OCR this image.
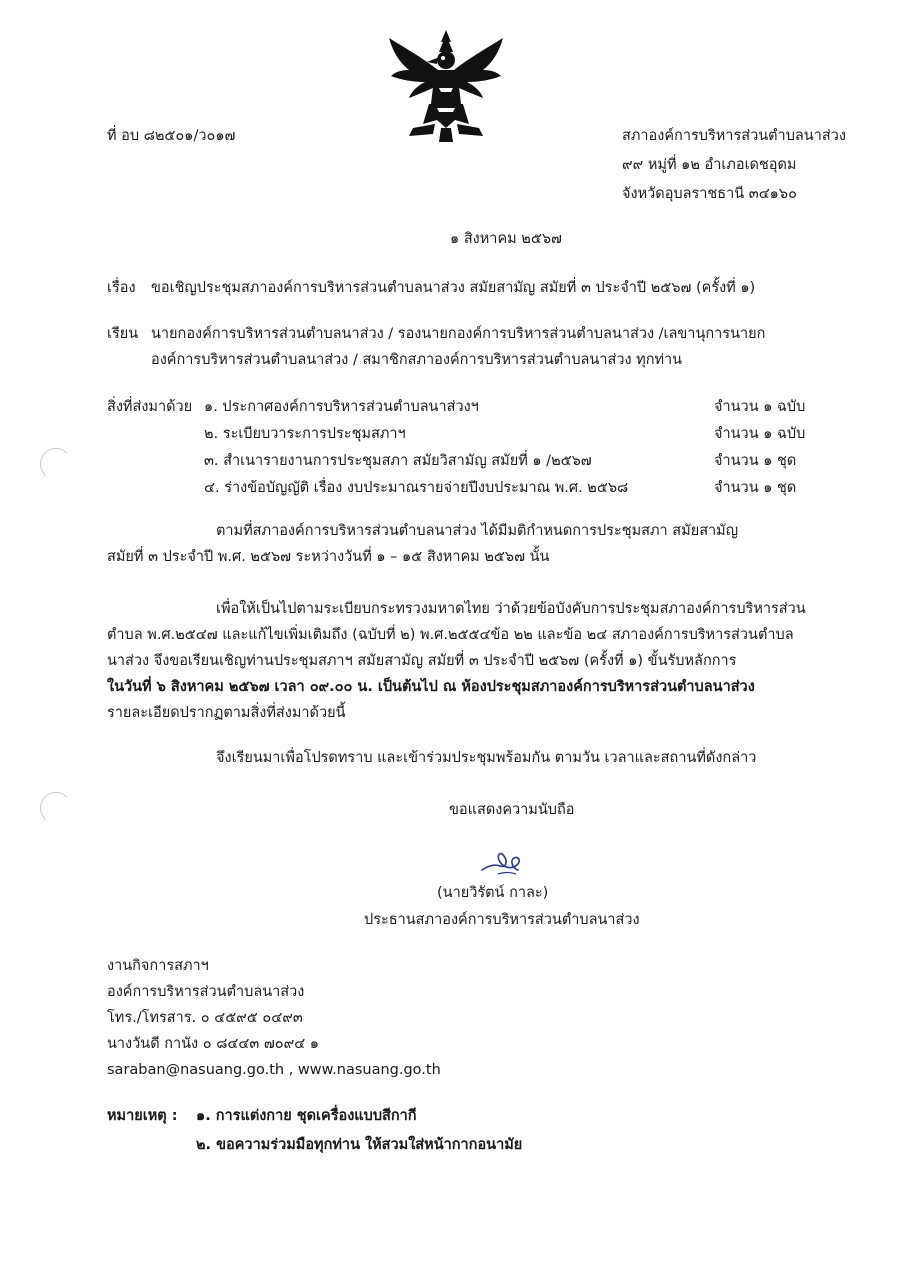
ที่ อบ ๘๒๕๐๑/ว๐๑๗	สภาองค์การบริหารส่วนตำบลนาส่วง
๙๙ หมู่ที่ ๑๒ อำเภอเดชอุดม
จังหวัดอุบลราชธานี ๓๔๑๖๐
๑ สิงหาคม ๒๕๖๗
เรื่อง ขอเชิญประชุมสภาองค์การบริหารส่วนตำบลนาส่วง สมัยสามัญ สมัยที่ ๓ ประจำปี ๒๕๖๗ (ครั้งที่ ๑)
เรียน นายกองค์การบริหารส่วนตำบลนาส่วง / รองนายกองค์การบริหารส่วนตำบลนาส่วง /เลขานุการนายก
องค์การบริหารส่วนตำบลนาส่วง / สมาชิกสภาองค์การบริหารส่วนตำบลนาส่วง ทุกท่าน
สิ่งที่ส่งมาด้วย ๑. ประกาศองค์การบริหารส่วนตำบลนาส่วงฯ	จำนวน ๑ ฉบับ
๒. ระเบียบวาระการประชุมสภาฯ	จำนวน ๑ ฉบับ
๓. สำเนารายงานการประชุมสภา สมัยวิสามัญ สมัยที่ ๑ /๒๕๖๗	จำนวน ๑ ชุด
๔. ร่างข้อบัญญัติ เรื่อง งบประมาณรายจ่ายปีงบประมาณ พ.ศ. ๒๕๖๘	จำนวน ๑ ชุด
ตามที่สภาองค์การบริหารส่วนตำบลนาส่วง ได้มีมติกำหนดการประชุมสภา สมัยสามัญ
สมัยที่ ๓ ประจำปี พ.ศ. ๒๕๖๗ ระหว่างวันที่ ๑ – ๑๕ สิงหาคม ๒๕๖๗ นั้น
เพื่อให้เป็นไปตามระเบียบกระทรวงมหาดไทย ว่าด้วยข้อบังคับการประชุมสภาองค์การบริหารส่วน
ตำบล พ.ศ.๒๕๔๗ และแก้ไขเพิ่มเติมถึง (ฉบับที่ ๒) พ.ศ.๒๕๕๔ข้อ ๒๒ และข้อ ๒๔ สภาองค์การบริหารส่วนตำบล
นาส่วง จึงขอเรียนเชิญท่านประชุมสภาฯ สมัยสามัญ สมัยที่ ๓ ประจำปี ๒๕๖๗ (ครั้งที่ ๑) ขั้นรับหลักการ
ในวันที่ ๖ สิงหาคม ๒๕๖๗ เวลา ๐๙.๐๐ น. เป็นต้นไป ณ ห้องประชุมสภาองค์การบริหารส่วนตำบลนาส่วง
รายละเอียดปรากฏตามสิ่งที่ส่งมาด้วยนี้
จึงเรียนมาเพื่อโปรดทราบ และเข้าร่วมประชุมพร้อมกัน ตามวัน เวลาและสถานที่ดังกล่าว
ขอแสดงความนับถือ
(นายวิรัตน์ กาละ)
ประธานสภาองค์การบริหารส่วนตำบลนาส่วง
งานกิจการสภาฯ
องค์การบริหารส่วนตำบลนาส่วง
โทร./โทรสาร. ๐ ๔๕๙๕ ๐๔๙๓
นางวันดี กานัง ๐ ๘๔๔๓ ๗๐๙๔ ๑
saraban@nasuang.go.th , www.nasuang.go.th
หมายเหตุ : ๑. การแต่งกาย ชุดเครื่องแบบสีกากี
๒. ขอความร่วมมือทุกท่าน ให้สวมใส่หน้ากากอนามัย
